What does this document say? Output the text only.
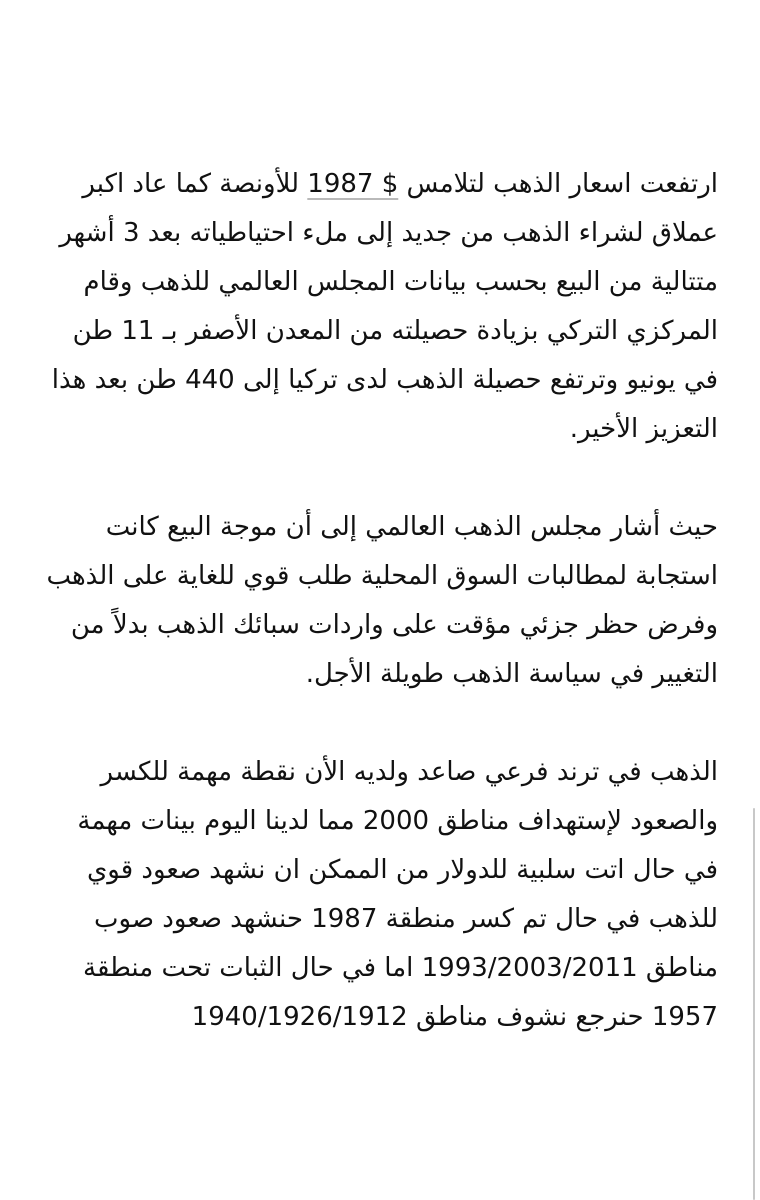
ارتفعت اسعار الذهب لتلامس 1987 $ للأونصة كما عاد اكبر عملاق لشراء الذهب من جديد إلى ملء احتياطياته بعد 3 أشهر متتالية من البيع بحسب بيانات المجلس العالمي للذهب وقام المركزي التركي بزيادة حصيلته من المعدن الأصفر بـ 11 طن في يونيو وترتفع حصيلة الذهب لدى تركيا إلى 440 طن بعد هذا التعزيز الأخير.

حيث أشار مجلس الذهب العالمي إلى أن موجة البيع كانت استجابة لمطالبات السوق المحلية طلب قوي للغاية على الذهب وفرض حظر جزئي مؤقت على واردات سبائك الذهب بدلاً من التغيير في سياسة الذهب طويلة الأجل.

الذهب في ترند فرعي صاعد ولديه الأن نقطة مهمة للكسر والصعود لإستهداف مناطق 2000 مما لدينا اليوم بينات مهمة في حال اتت سلبية للدولار من الممكن ان نشهد صعود قوي للذهب في حال تم كسر منطقة 1987 حنشهد صعود صوب مناطق 1993/2003/2011 اما في حال الثبات تحت منطقة 1957 حنرجع نشوف مناطق 1940/1926/1912
